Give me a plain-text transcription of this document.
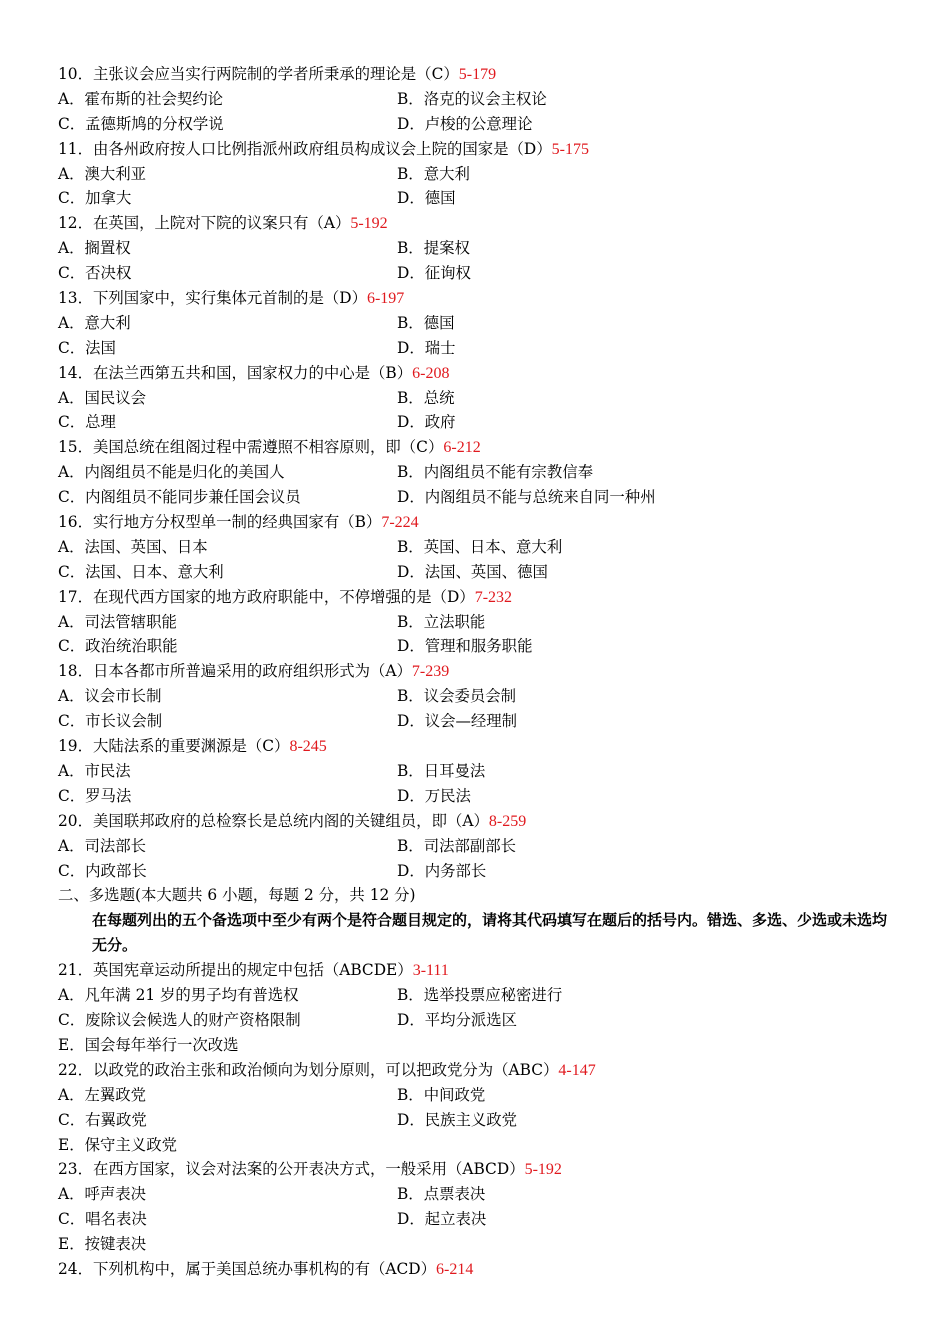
10．主张议会应当实行两院制的学者所秉承的理论是（C）5-179
A．霍布斯的社会契约论	B．洛克的议会主权论
C．孟德斯鸠的分权学说	D．卢梭的公意理论
11．由各州政府按人口比例指派州政府组员构成议会上院的国家是（D）5-175
A．澳大利亚	B．意大利
C．加拿大	D．德国
12．在英国，上院对下院的议案只有（A）5-192
A．搁置权	B．提案权
C．否决权	D．征询权
13．下列国家中，实行集体元首制的是（D）6-197
A．意大利	B．德国
C．法国	D．瑞士
14．在法兰西第五共和国，国家权力的中心是（B）6-208
A．国民议会	B．总统
C．总理	D．政府
15．美国总统在组阁过程中需遵照不相容原则，即（C）6-212
A．内阁组员不能是归化的美国人	B．内阁组员不能有宗教信奉
C．内阁组员不能同步兼任国会议员	D．内阁组员不能与总统来自同一种州
16．实行地方分权型单一制的经典国家有（B）7-224
A．法国、英国、日本	B．英国、日本、意大利
C．法国、日本、意大利	D．法国、英国、德国
17．在现代西方国家的地方政府职能中，不停增强的是（D）7-232
A．司法管辖职能	B．立法职能
C．政治统治职能	D．管理和服务职能
18．日本各都市所普遍采用的政府组织形式为（A）7-239
A．议会市长制	B．议会委员会制
C．市长议会制	D．议会—经理制
19．大陆法系的重要渊源是（C）8-245
A．市民法	B．日耳曼法
C．罗马法	D．万民法
20．美国联邦政府的总检察长是总统内阁的关键组员，即（A）8-259
A．司法部长	B．司法部副部长
C．内政部长	D．内务部长
二、多选题(本大题共 6 小题，每题 2 分，共 12 分)
在每题列出的五个备选项中至少有两个是符合题目规定的，请将其代码填写在题后的括号内。错选、多选、少选或未选均无分。
21．英国宪章运动所提出的规定中包括（ABCDE）3-111
A．凡年满 21 岁的男子均有普选权	B．选举投票应秘密进行
C．废除议会候选人的财产资格限制	D．平均分派选区
E．国会每年举行一次改选
22．以政党的政治主张和政治倾向为划分原则，可以把政党分为（ABC）4-147
A．左翼政党	B．中间政党
C．右翼政党	D．民族主义政党
E．保守主义政党
23．在西方国家，议会对法案的公开表决方式，一般采用（ABCD）5-192
A．呼声表决	B．点票表决
C．唱名表决	D．起立表决
E．按键表决
24．下列机构中，属于美国总统办事机构的有（ACD）6-214
